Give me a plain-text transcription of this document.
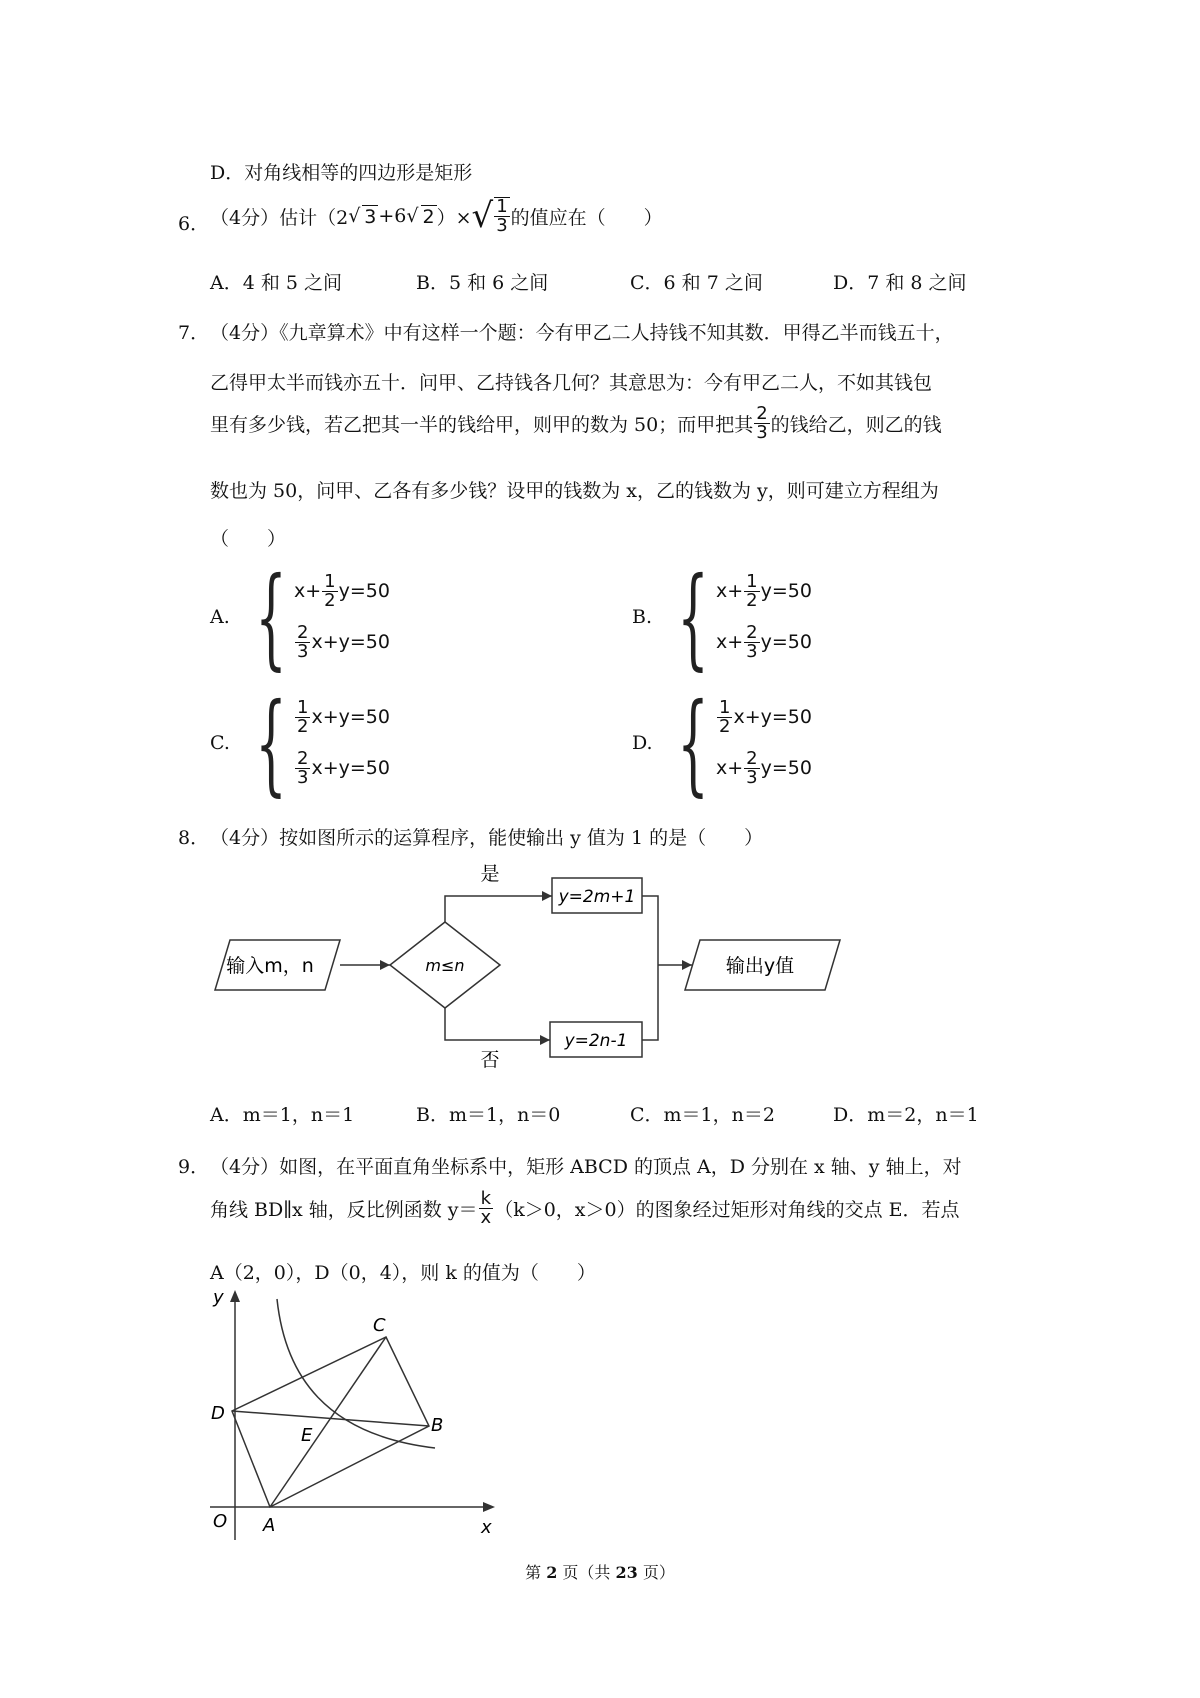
D．对角线相等的四边形是矩形
6． （4分）估计（2 √ 3 +6 √ 2 ）× √ $\frac{1}{3}$ 的值应在（　　）
A．4 和 5 之间	B．5 和 6 之间	C．6 和 7 之间	D．7 和 8 之间
7． （4分）《九章算术》中有这样一个题：今有甲乙二人持钱不知其数．甲得乙半而钱五十，
乙得甲太半而钱亦五十．问甲、乙持钱各几何？其意思为：今有甲乙二人，不如其钱包
里有多少钱，若乙把其一半的钱给甲，则甲的数为 50；而甲把其 $\frac{2}{3}$ 的钱给乙，则乙的钱
数也为 50，问甲、乙各有多少钱？设甲的钱数为 x，乙的钱数为 y，则可建立方程组为
（　　）
A. { $x+ \frac{1}{2} y=50$
$\frac{2}{3} x+y=50$
B. { $x+ \frac{1}{2} y=50$
$x+ \frac{2}{3} y=50$
C. { $\frac{1}{2} x+y=50$
$\frac{2}{3} x+y=50$
D. { $\frac{1}{2} x+y=50$
$x+ \frac{2}{3} y=50$
8． （4分）按如图所示的运算程序，能使输出 y 值为 1 的是（　　）
输入m，n	m≤n
是
否
y=2m+1
y=2n-1
输出y值
A．m＝1，n＝1	B．m＝1，n＝0	C．m＝1，n＝2	D．m＝2，n＝1
9． （4分）如图，在平面直角坐标系中，矩形 ABCD 的顶点 A，D 分别在 x 轴、y 轴上，对
角线 BD∥x 轴，反比例函数 $y= \frac{k}{x} (k>0$，x＞0）的图象经过矩形对角线的交点 E．若点
A（2，0），D（0，4），则 k 的值为（　　）
y
x
O A
D
C
B
E
第 2 页（共 23 页）
